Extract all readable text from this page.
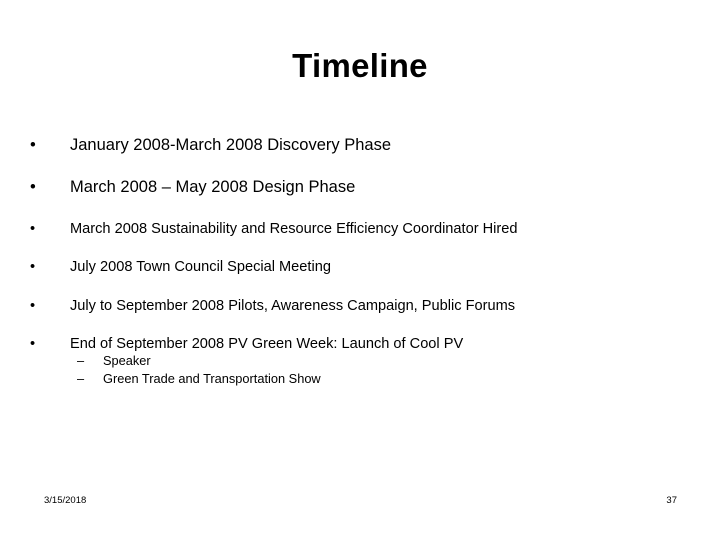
Timeline
• January 2008-March 2008 Discovery Phase
• March 2008 – May 2008 Design Phase
• March 2008 Sustainability and Resource Efficiency Coordinator Hired
• July 2008 Town Council Special Meeting
• July to September 2008 Pilots, Awareness Campaign, Public Forums
• End of September 2008 PV Green Week: Launch of Cool PV
– Speaker
– Green Trade and Transportation Show
3/15/2018	37
